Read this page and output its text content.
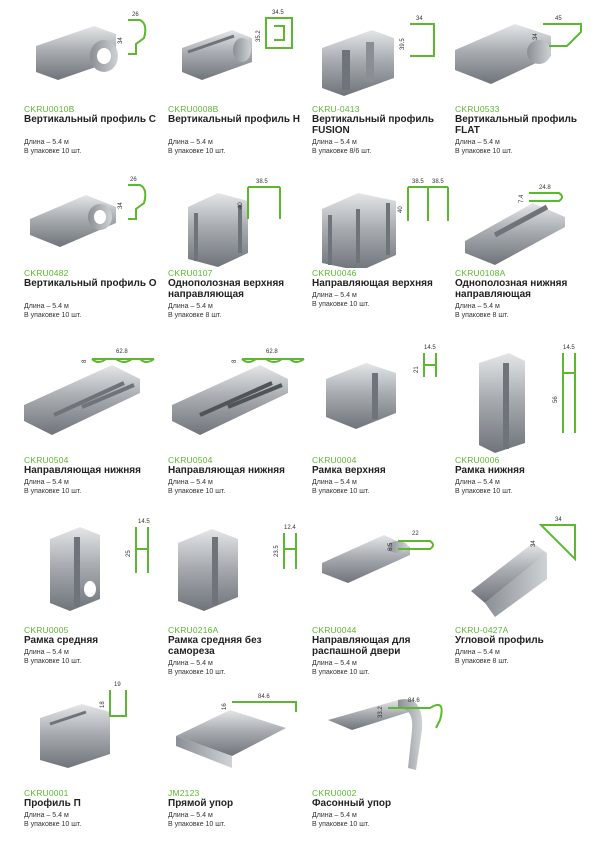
26
34
CKRU0010B
Вертикальный профиль С
Длина – 5.4 м
В упаковке 10 шт.
34.5
35.2
CKRU0008B
Вертикальный профиль Н
Длина – 5.4 м
В упаковке 10 шт.
34
39.5
CKRU-0413
Вертикальный профиль FUSION
Длина – 5.4 м
В упаковке 8/6 шт.
45
34
CKRU0533
Вертикальный профиль FLAT
Длина – 5.4 м
В упаковке 10 шт.
26
34
CKRU0482
Вертикальный профиль О
Длина – 5.4 м
В упаковке 10 шт.
38.5
40
CKRU0107
Однополозная верхняя направляющая
Длина – 5.4 м
В упаковке 8 шт.
38.5 38.5
40
CKRU0046
Направляющая верхняя
Длина – 5.4 м
В упаковке 10 шт.
24.8
7.4
CKRU0108A
Однополозная нижняя направляющая
Длина – 5.4 м
В упаковке 8 шт.
62.8
8
CKRU0504
Направляющая нижняя
Длина – 5.4 м
В упаковке 10 шт.
62.8
8
CKRU0504
Направляющая нижняя
Длина – 5.4 м
В упаковке 10 шт.
14.5
21
CKRU0004
Рамка верхняя
Длина – 5.4 м
В упаковке 10 шт.
14.5
56
CKRU0006
Рамка нижняя
Длина – 5.4 м
В упаковке 10 шт.
14.5
25
CKRU0005
Рамка средняя
Длина – 5.4 м
В упаковке 10 шт.
12.4
23.5
CKRU0216A
Рамка средняя без самореза
Длина – 5.4 м
В упаковке 10 шт.
22
6.5
CKRU0044
Направляющая для распашной двери
Длина – 5.4 м
В упаковке 10 шт.
34
34
CKRU-0427A
Угловой профиль
Длина – 5.4 м
В упаковке 8 шт.
19
18
CKRU0001
Профиль П
Длина – 5.4 м
В упаковке 10 шт.
84.6
16
JM2123
Прямой упор
Длина – 5.4 м
В упаковке 10 шт.
84.6
33.2
CKRU0002
Фасонный упор
Длина – 5.4 м
В упаковке 10 шт.
